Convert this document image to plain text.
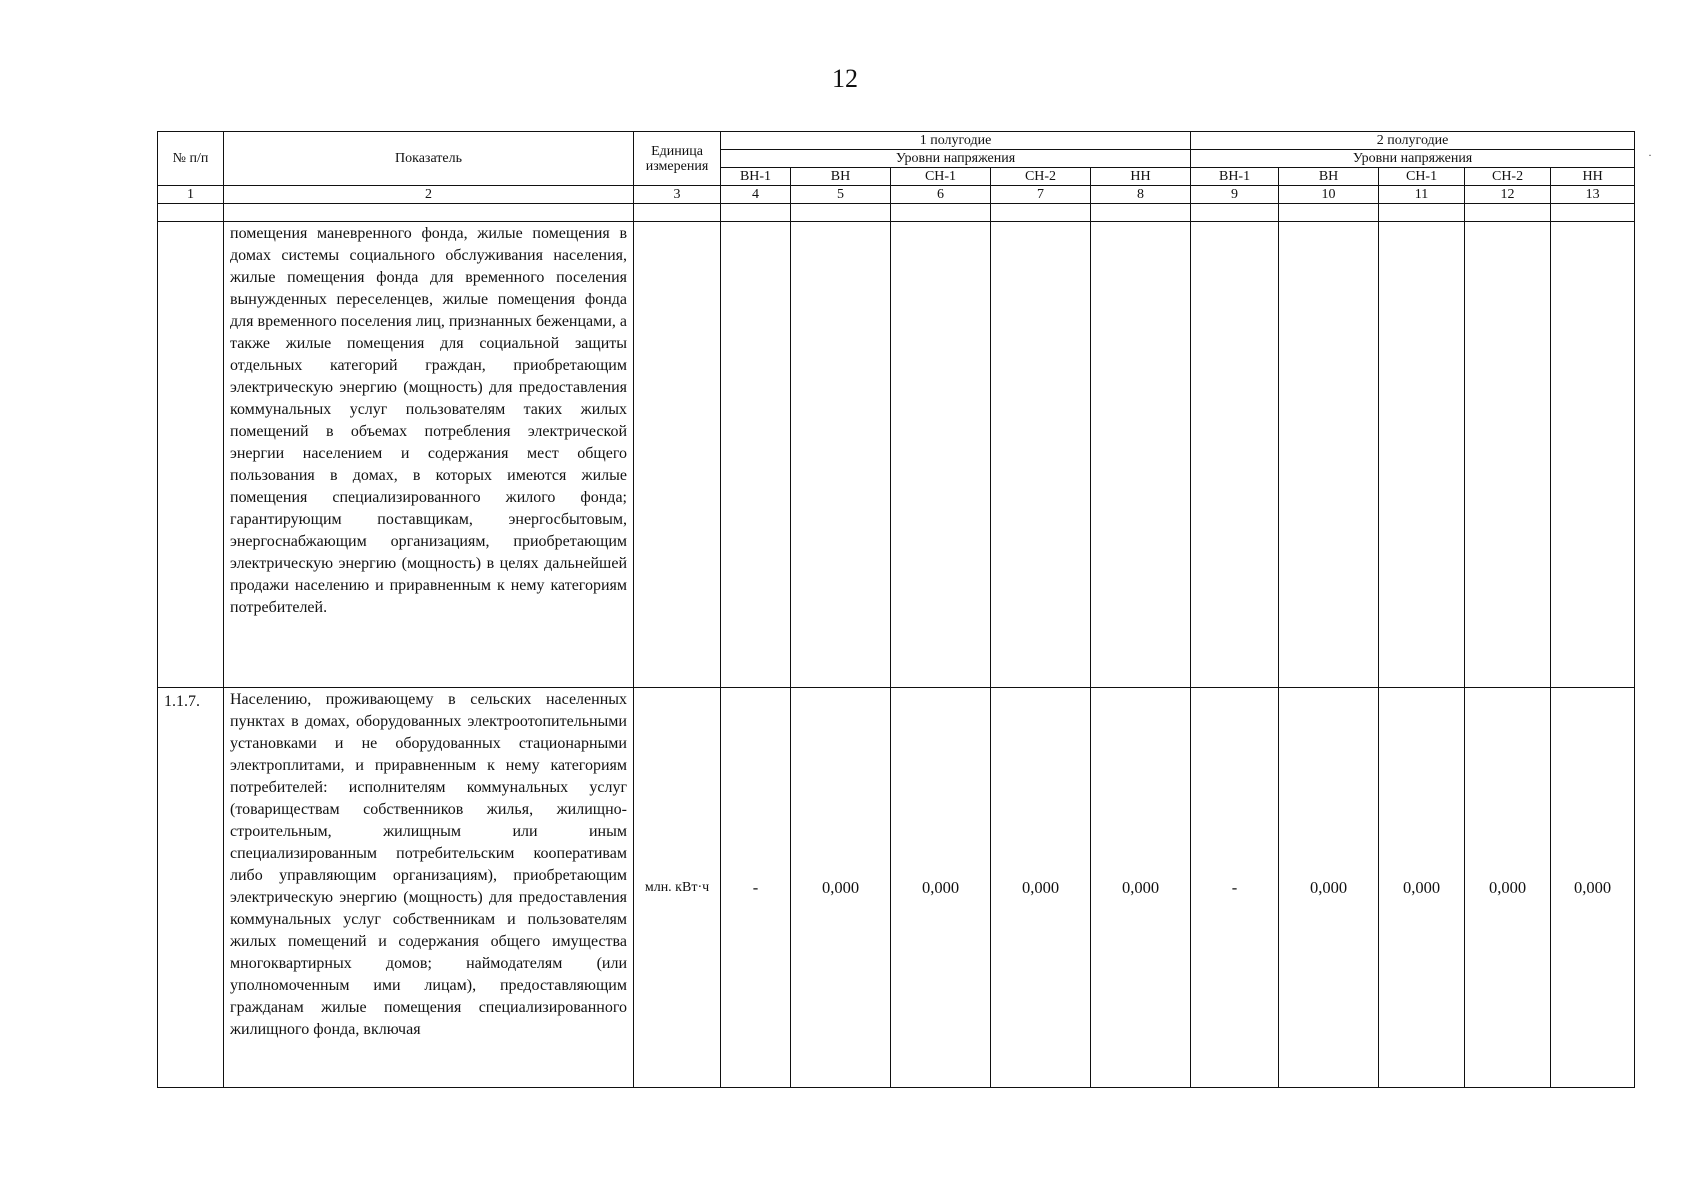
12
·
№ п/п	Показатель	Единица измерения	1 полугодие					2 полугодие				
			Уровни напряжения					Уровни напряжения				
			ВН-1	ВН	СН-1	СН-2	НН	ВН-1	ВН	СН-1	СН-2	НН
1	2	3	4	5	6	7	8	9	10	11	12	13

	помещения маневренного фонда, жилые помещения в домах системы социального обслуживания населения, жилые помещения фонда для временного поселения вынужденных переселенцев, жилые помещения фонда для временного поселения лиц, признанных беженцами, а также жилые помещения для социальной защиты отдельных категорий граждан, приобретающим электрическую энергию (мощность) для предоставления коммунальных услуг пользователям таких жилых помещений в объемах потребления электрической энергии населением и содержания мест общего пользования в домах, в которых имеются жилые помещения специализированного жилого фонда; гарантирующим поставщикам, энергосбытовым, энергоснабжающим организациям, приобретающим электрическую энергию (мощность) в целях дальнейшей продажи населению и приравненным к нему категориям потребителей.											
1.1.7.	Населению, проживающему в сельских населенных пунктах в домах, оборудованных электроотопительными установками и не оборудованных стационарными электроплитами, и приравненным к нему категориям потребителей: исполнителям коммунальных услуг (товариществам собственников жилья, жилищно-строительным, жилищным или иным специализированным потребительским кооперативам либо управляющим организациям), приобретающим электрическую энергию (мощность) для предоставления коммунальных услуг собственникам и пользователям жилых помещений и содержания общего имущества многоквартирных домов; наймодателям (или уполномоченным ими лицам), предоставляющим гражданам жилые помещения специализированного жилищного фонда, включая	млн. кВт·ч	-	0,000	0,000	0,000	0,000	-	0,000	0,000	0,000	0,000
